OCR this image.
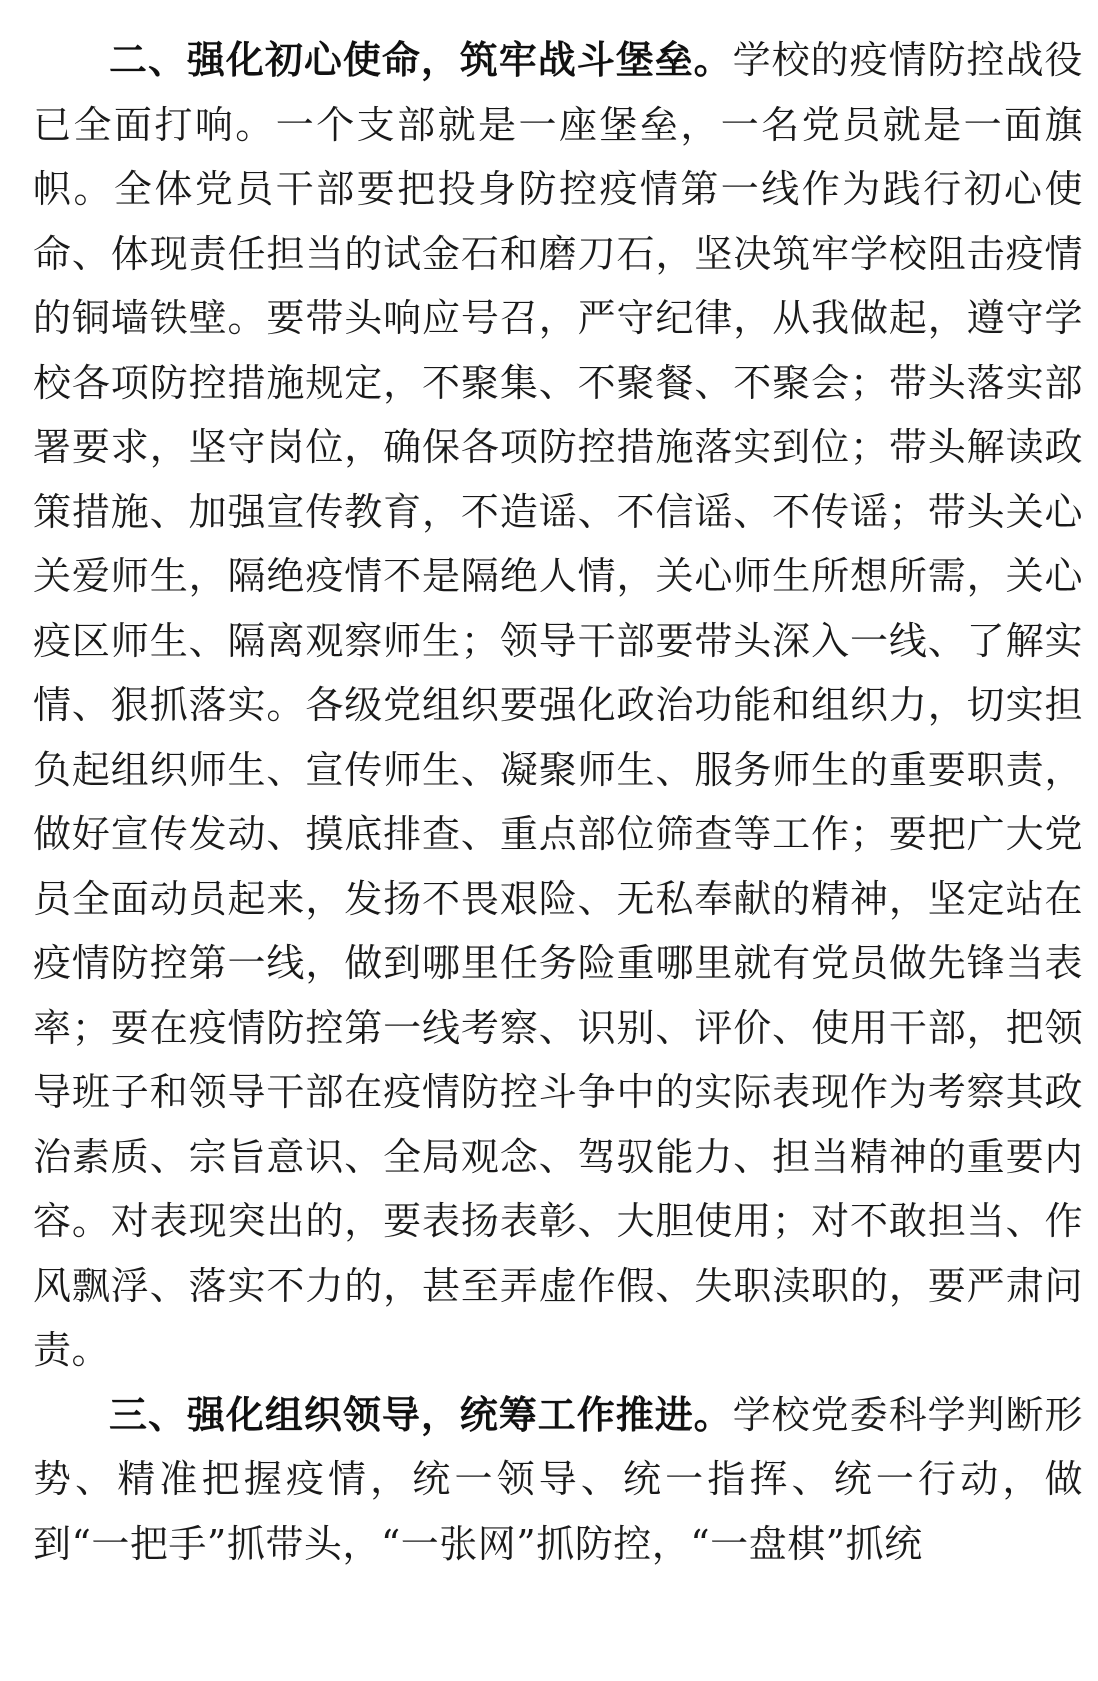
二、强化初心使命，筑牢战斗堡垒。学校的疫情防控战役已全面打响。一个支部就是一座堡垒，一名党员就是一面旗帜。全体党员干部要把投身防控疫情第一线作为践行初心使命、体现责任担当的试金石和磨刀石，坚决筑牢学校阻击疫情的铜墙铁壁。要带头响应号召，严守纪律，从我做起，遵守学校各项防控措施规定，不聚集、不聚餐、不聚会；带头落实部署要求，坚守岗位，确保各项防控措施落实到位；带头解读政策措施、加强宣传教育，不造谣、不信谣、不传谣；带头关心关爱师生，隔绝疫情不是隔绝人情，关心师生所想所需，关心疫区师生、隔离观察师生；领导干部要带头深入一线、了解实情、狠抓落实。各级党组织要强化政治功能和组织力，切实担负起组织师生、宣传师生、凝聚师生、服务师生的重要职责，做好宣传发动、摸底排查、重点部位筛查等工作；要把广大党员全面动员起来，发扬不畏艰险、无私奉献的精神，坚定站在疫情防控第一线，做到哪里任务险重哪里就有党员做先锋当表率；要在疫情防控第一线考察、识别、评价、使用干部，把领导班子和领导干部在疫情防控斗争中的实际表现作为考察其政治素质、宗旨意识、全局观念、驾驭能力、担当精神的重要内容。对表现突出的，要表扬表彰、大胆使用；对不敢担当、作风飘浮、落实不力的，甚至弄虚作假、失职渎职的，要严肃问责。

三、强化组织领导，统筹工作推进。学校党委科学判断形势、精准把握疫情，统一领导、统一指挥、统一行动，做到“一把手”抓带头，“一张网”抓防控，“一盘棋”抓统
